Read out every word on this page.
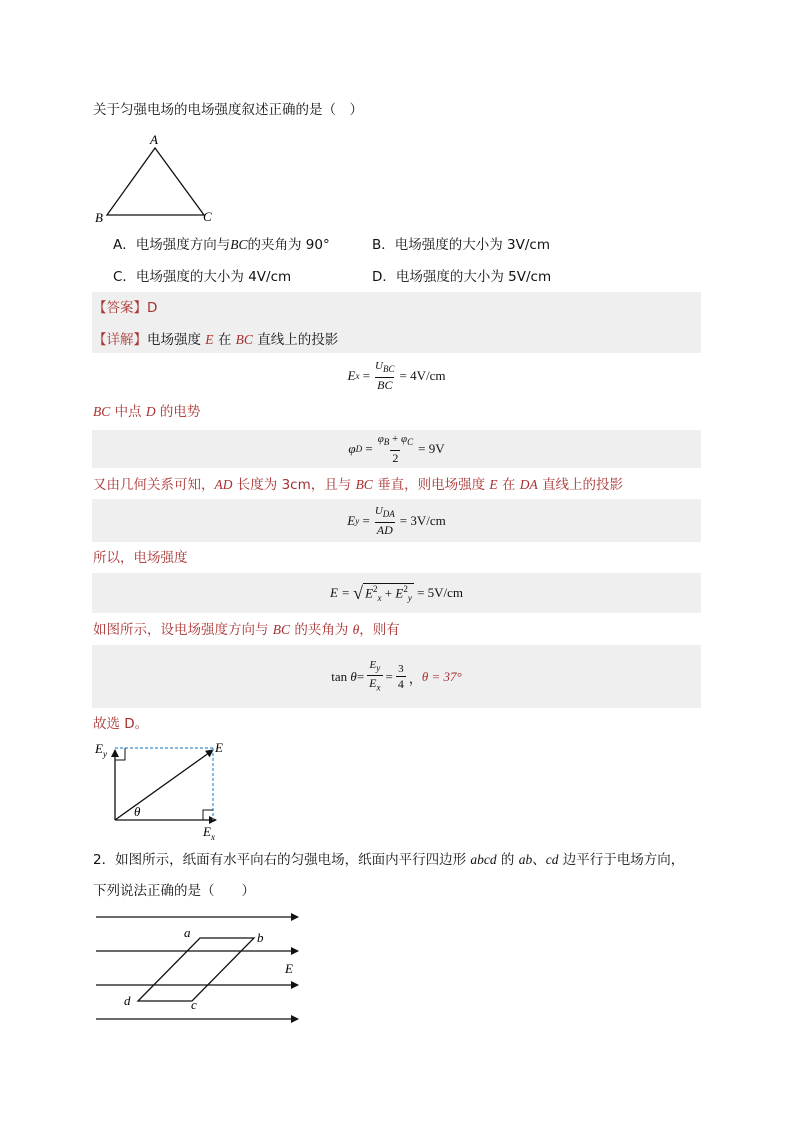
关于匀强电场的电场强度叙述正确的是（　）
A
B	C
A．电场强度方向与BC的夹角为 90°	B．电场强度的大小为 3V/cm
C．电场强度的大小为 4V/cm	D．电场强度的大小为 5V/cm
【答案】D
【详解】电场强度 E 在 BC 直线上的投影
E $x = \frac{U_{BC}}{BC} = 4V/cm$
BC 中点 D 的电势
φ $D = \frac{\varphi_B + \varphi_C}{2} = 9V$
又由几何关系可知，AD 长度为 3cm，且与 BC 垂直，则电场强度 E 在 DA 直线上的投影
E $y = \frac{U_{DA}}{AD} = 3V/cm$
所以，电场强度
E =
√ $E^2_x + E^2_y$
= 5V/cm
如图所示，设电场强度方向与 BC 的夹角为 θ，则有
tan
$\theta = \frac{E_y}{E_x} = \frac{3}{4}$ ， θ = 37°
故选 D。
$E_y$	E
$E_x$
θ
2．如图所示，纸面有水平向右的匀强电场，纸面内平行四边形 abcd 的 ab、cd 边平行于电场方向，
下列说法正确的是（　　）
a	b
c
d
E
